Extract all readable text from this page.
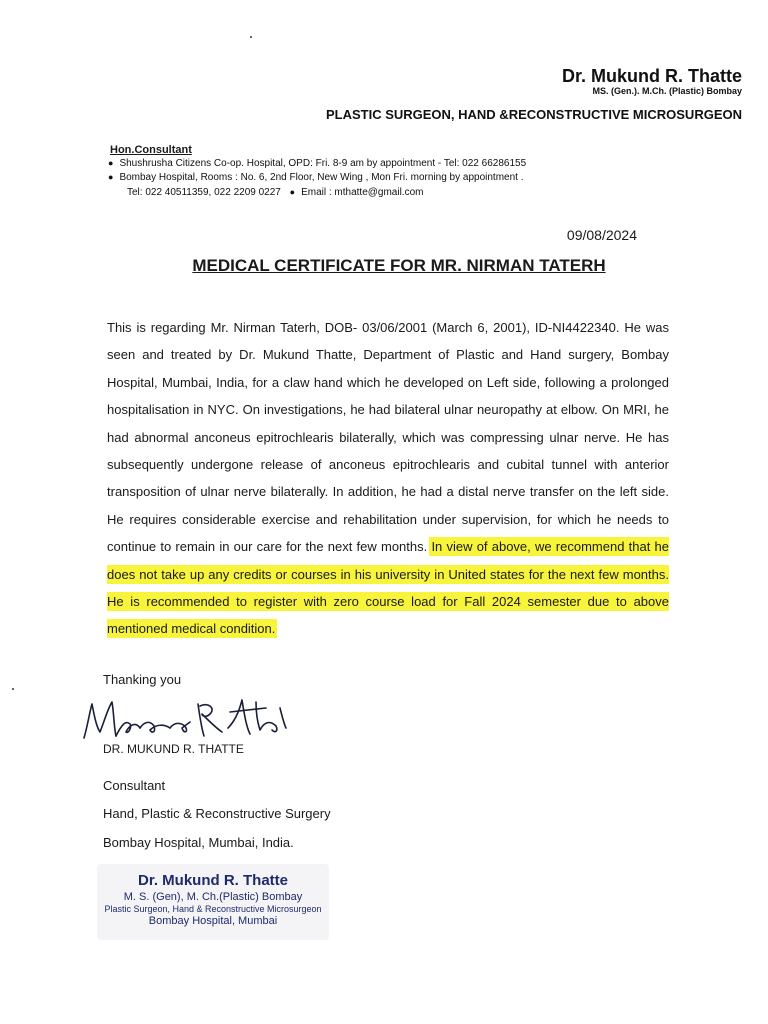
Dr. Mukund R. Thatte
MS. (Gen.). M.Ch. (Plastic) Bombay
PLASTIC SURGEON, HAND &RECONSTRUCTIVE MICROSURGEON
Hon.Consultant
● Shushrusha Citizens Co-op. Hospital, OPD: Fri. 8-9 am by appointment - Tel: 022 66286155
● Bombay Hospital, Rooms : No. 6, 2nd Floor, New Wing , Mon Fri. morning by appointment .
Tel: 022 40511359, 022 2209 0227 ● Email : mthatte@gmail.com
09/08/2024
MEDICAL CERTIFICATE FOR MR. NIRMAN TATERH

This is regarding Mr. Nirman Taterh, DOB- 03/06/2001 (March 6, 2001), ID-NI4422340. He was seen and treated by Dr. Mukund Thatte, Department of Plastic and Hand surgery, Bombay Hospital, Mumbai, India, for a claw hand which he developed on Left side, following a prolonged hospitalisation in NYC. On investigations, he had bilateral ulnar neuropathy at elbow. On MRI, he had abnormal anconeus epitrochlearis bilaterally, which was compressing ulnar nerve. He has subsequently undergone release of anconeus epitrochlearis and cubital tunnel with anterior transposition of ulnar nerve bilaterally. In addition, he had a distal nerve transfer on the left side. He requires considerable exercise and rehabilitation under supervision, for which he needs to continue to remain in our care for the next few months. In view of above, we recommend that he does not take up any credits or courses in his university in United states for the next few months. He is recommended to register with zero course load for Fall 2024 semester due to above mentioned medical condition.

Thanking you
DR. MUKUND R. THATTE
Consultant
Hand, Plastic & Reconstructive Surgery
Bombay Hospital, Mumbai, India.
Dr. Mukund R. Thatte
M. S. (Gen), M. Ch.(Plastic) Bombay
Plastic Surgeon, Hand & Reconstructive Microsurgeon
Bombay Hospital, Mumbai
